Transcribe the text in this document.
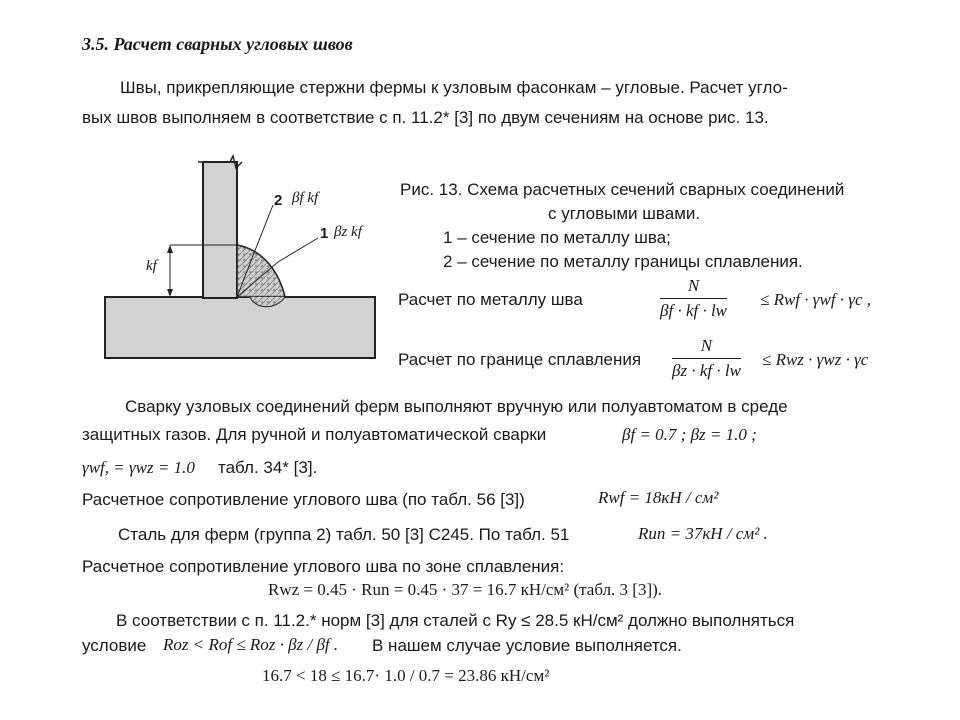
3.5. Расчет сварных угловых швов
Швы, прикрепляющие стержни фермы к узловым фасонкам – угловые. Расчет угло-
вых швов выполняем в соответствие с п. 11.2* [3] по двум сечениям на основе рис. 13.
2 βf kf
1 βz kf
kf
Рис. 13. Схема расчетных сечений сварных соединений
с угловыми швами.
1 – сечение по металлу шва;
2 – сечение по металлу границы сплавления.
Расчет по металлу шва	$\frac{N}{\beta f \cdot kf \cdot lw}$ ≤ Rwf · γwf · γc ,
Расчет по границе сплавления $\frac{N}{\beta z \cdot kf \cdot lw}$ ≤ Rwz · γwz · γc
Сварку узловых соединений ферм выполняют вручную или полуавтоматом в среде
защитных газов. Для ручной и полуавтоматической сварки	βf = 0.7 ; βz = 1.0 ;
γwf, = γwz = 1.0 табл. 34* [3].
Расчетное сопротивление углового шва (по табл. 56 [3])	Rwf = 18кН / см²
Сталь для ферм (группа 2) табл. 50 [3] С245. По табл. 51	Run = 37кН / см² .
Расчетное сопротивление углового шва по зоне сплавления:
Rwz = 0.45 · Run = 0.45 · 37 = 16.7 кН/см² (табл. 3 [3]).
В соответствии с п. 11.2.* норм [3] для сталей с Ry ≤ 28.5 кН/см² должно выполняться
условие Roz < Rof ≤ Roz · βz / βf . В нашем случае условие выполняется.
16.7 < 18 ≤ 16.7· 1.0 / 0.7 = 23.86 кН/см²
